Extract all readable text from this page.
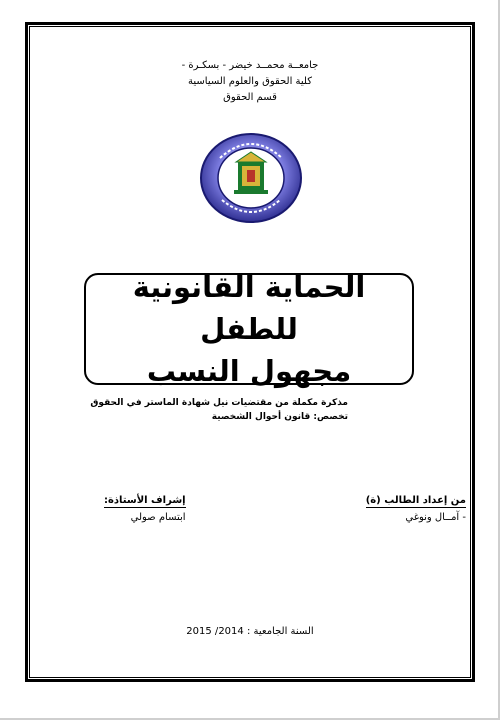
جامعــة محمــد خيضر - بسكـرة -
كلية الحقوق والعلوم السياسية
قسم الحقوق
الحماية القانونية للطفل
مجهول النسب
مذكرة مكملة من مقتضيات نيل شهادة الماستر في الحقوق
تخصص: قانون أحوال الشخصية
من إعداد الطالب (ة)
- آمــال ونوغي
إشراف الأستاذة:
ابتسام صولي
السنة الجامعية : 2014/ 2015
